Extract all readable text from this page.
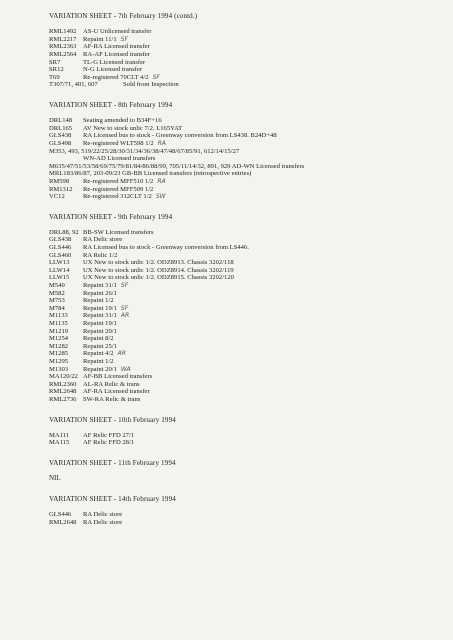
VARIATION SHEET - 7th February 1994 (contd.)
RML1492 AS-U Unlicensed transfer
RML2217 Repaint 11/1 SF
RML2363 AF-RA Licensed transfer
RML2564 RA-AF Licensed transfer
SR7	TL-G Licensed transfer
SR12	N-G Licensed transfer
T69	Re-registered 70CLT 4/2 SF
T307/71, 401, 607	Sold from Inspection
VARIATION SHEET - 8th February 1994
DRL148 Seating amended to B34F+16
DRL165 AV New to stock unlic 7/2. L165YAT
GLS438 RA Licensed bus to stock - Greenway conversion from LS438. B24D+48
GLS498 Re-registered WLT598 1/2 RA
M353, 493, 519/22/25/28/30/31/34/36/38/47/48/67/85/91, 612/14/15/27
WN-AD Licensed transfers
M635/47/51/53/58/69/75/79/81/84/86/88/99, 705/11/14/32, 891, 929 AD-WN Licensed transfers
MRL183/86/87, 203-09/23 GB-BB Licensed transfers (retrospective entries)
RM598 Re-registered MFF510 1/2 RA
RM1312 Re-registered MFF509 1/2
VC12	Re-registered 312CLT 1/2 SW
VARIATION SHEET - 9th February 1994
DRL88, 92 BB-SW Licensed transfers
GLS438 RA Delic store
GLS446 RA Licensed bus to stock - Greenway conversion from LS446.
GLS460 RA Relic 1/2
LLW13 UX New to stock unlic 1/2. ODZ8913. Chassis 3202/118
LLW14 UX New to stock unlic 1/2. ODZ8914. Chassis 3202/119
LLW15 UX New to stock unlic 1/2. ODZ8915. Chassis 3202/120
M540	Repaint 31/1 SF
M582	Repaint 26/1
M753	Repaint 1/2
M784	Repaint 19/1 SF
M1133 Repaint 31/1 AR
M1135 Repaint 19/1
M1219 Repaint 20/1
M1254 Repaint 8/2
M1282 Repaint 25/1
M1285 Repaint 4/2 AR
M1295 Repaint 1/2
M1303 Repaint 20/1 WA
MA120/22 AF-BB Licensed transfers
RML2360 AL-RA Relic & trans
RML2648 AF-RA Licensed transfer
RML2736 SW-RA Relic & trans
VARIATION SHEET - 10th February 1994
MA111 AF Relic FFD 27/1
MA115 AF Relic FFD 28/1
VARIATION SHEET - 11th February 1994
NIL
VARIATION SHEET - 14th February 1994
GLS446 RA Delic store
RML2648 RA Delic store
